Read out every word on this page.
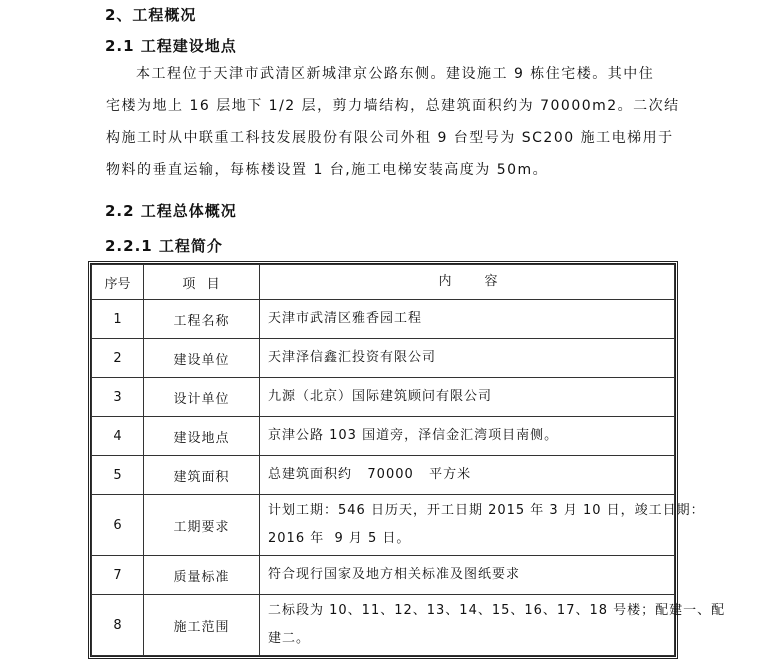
2、工程概况
2.1 工程建设地点
本工程位于天津市武清区新城津京公路东侧。建设施工 9 栋住宅楼。其中住
宅楼为地上 16 层地下 1/2 层，剪力墙结构，总建筑面积约为 70000m2。二次结
构施工时从中联重工科技发展股份有限公司外租 9 台型号为 SC200 施工电梯用于
物料的垂直运输，每栋楼设置 1 台,施工电梯安装高度为 50m。
2.2 工程总体概况
2.2.1 工程简介
序号	项  目	内        容
1	工程名称	天津市武清区雅香园工程
2	建设单位	天津泽信鑫汇投资有限公司
3	设计单位	九源（北京）国际建筑顾问有限公司
4	建设地点	京津公路 103 国道旁，泽信金汇湾项目南侧。
5	建筑面积	总建筑面积约   70000   平方米
6	工期要求	计划工期：546 日历天，开工日期 2015 年 3 月 10 日，竣工日期：
2016 年  9 月 5 日。

7	质量标准	符合现行国家及地方相关标准及图纸要求
8	施工范围	二标段为 10、11、12、13、14、15、16、17、18 号楼；配建一、配
建二。
